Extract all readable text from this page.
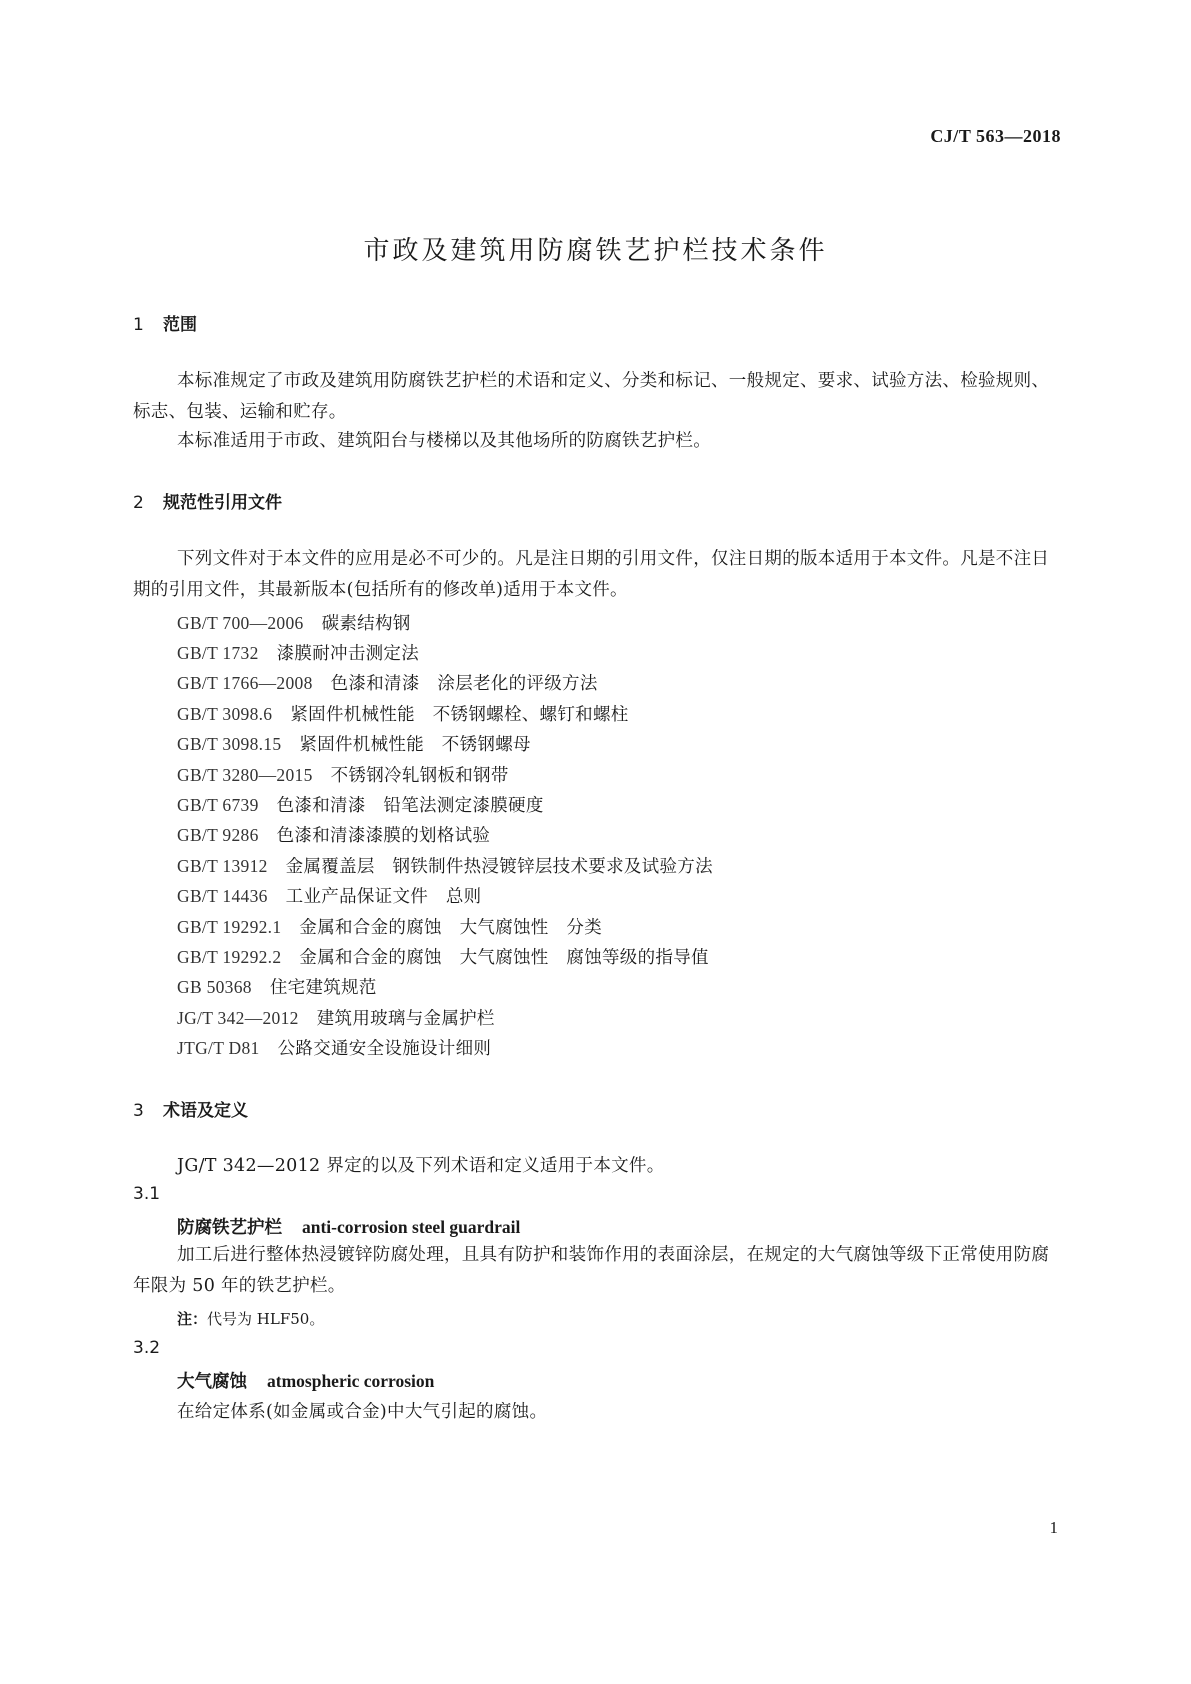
CJ/T 563—2018
市政及建筑用防腐铁艺护栏技术条件
1 范围
本标准规定了市政及建筑用防腐铁艺护栏的术语和定义、分类和标记、一般规定、要求、试验方法、检验规则、标志、包装、运输和贮存。
本标准适用于市政、建筑阳台与楼梯以及其他场所的防腐铁艺护栏。
2 规范性引用文件
下列文件对于本文件的应用是必不可少的。凡是注日期的引用文件，仅注日期的版本适用于本文件。凡是不注日期的引用文件，其最新版本(包括所有的修改单)适用于本文件。
GB/T 700—2006 碳素结构钢
GB/T 1732 漆膜耐冲击测定法
GB/T 1766—2008 色漆和清漆　涂层老化的评级方法
GB/T 3098.6 紧固件机械性能　不锈钢螺栓、螺钉和螺柱
GB/T 3098.15 紧固件机械性能　不锈钢螺母
GB/T 3280—2015 不锈钢冷轧钢板和钢带
GB/T 6739 色漆和清漆　铅笔法测定漆膜硬度
GB/T 9286 色漆和清漆漆膜的划格试验
GB/T 13912 金属覆盖层　钢铁制件热浸镀锌层技术要求及试验方法
GB/T 14436 工业产品保证文件　总则
GB/T 19292.1 金属和合金的腐蚀　大气腐蚀性　分类
GB/T 19292.2 金属和合金的腐蚀　大气腐蚀性　腐蚀等级的指导值
GB 50368 住宅建筑规范
JG/T 342—2012 建筑用玻璃与金属护栏
JTG/T D81 公路交通安全设施设计细则
3 术语及定义
JG/T 342—2012 界定的以及下列术语和定义适用于本文件。
3.1
防腐铁艺护栏 anti-corrosion steel guardrail
加工后进行整体热浸镀锌防腐处理，且具有防护和装饰作用的表面涂层，在规定的大气腐蚀等级下正常使用防腐年限为 50 年的铁艺护栏。
注：代号为 HLF50。
3.2
大气腐蚀 atmospheric corrosion
在给定体系(如金属或合金)中大气引起的腐蚀。
1
